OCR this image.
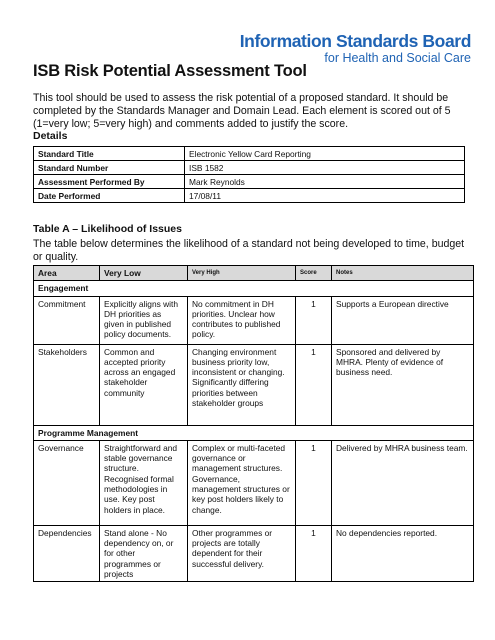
Information Standards Board
for Health and Social Care
ISB Risk Potential Assessment Tool
This tool should be used to assess the risk potential of a proposed standard. It should be completed by the Standards Manager and Domain Lead. Each element is scored out of 5 (1=very low; 5=very high) and comments added to justify the score.
Details
Standard Title	Electronic Yellow Card Reporting
Standard Number	ISB 1582
Assessment Performed By	Mark Reynolds
Date Performed	17/08/11
Table A – Likelihood of Issues
The table below determines the likelihood of a standard not being developed to time, budget or quality.
Area	Very Low	Very High	Score	Notes
Engagement				
Commitment	Explicitly aligns with DH priorities as given in published policy documents.	No commitment in DH priorities. Unclear how contributes to published policy.	1	Supports a European directive
Stakeholders	Common and accepted priority across an engaged stakeholder community	Changing environment business priority low, inconsistent or changing. Significantly differing priorities between stakeholder groups	1	Sponsored and delivered by MHRA. Plenty of evidence of business need.
Programme Management				
Governance	Straightforward and stable governance structure. Recognised formal methodologies in use. Key post holders in place.	Complex or multi-faceted governance or management structures. Governance, management structures or key post holders likely to change.	1	Delivered by MHRA business team.
Dependencies	Stand alone - No dependency on, or for other programmes or projects	Other programmes or projects are totally dependent for their successful delivery.	1	No dependencies reported.
